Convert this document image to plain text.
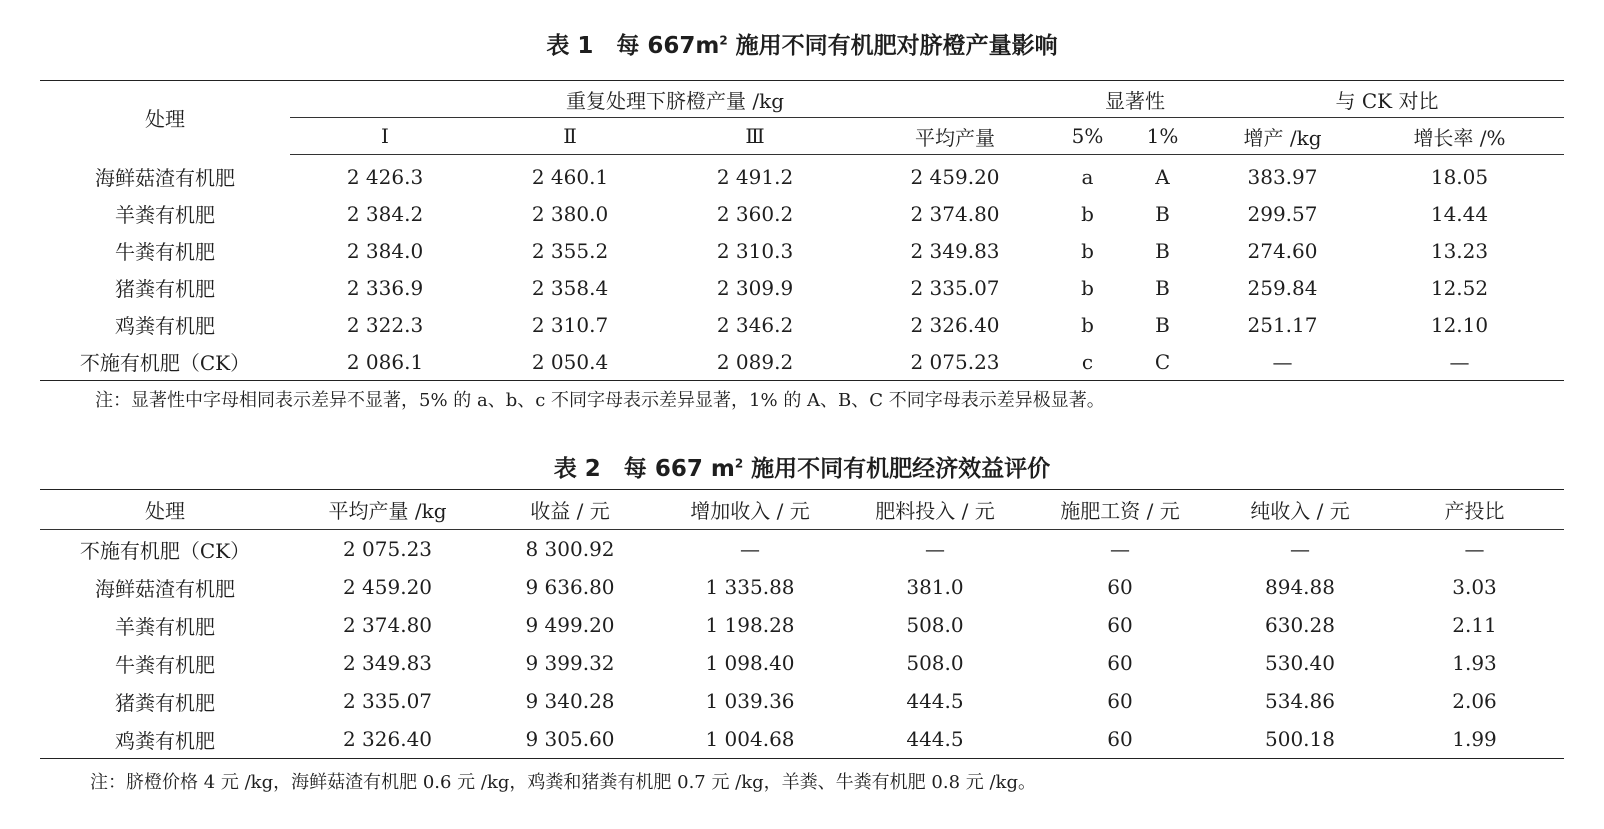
表 1　每 $667m^2$ 施用不同有机肥对脐橙产量影响
处理	重复处理下脐橙产量 /kg				显著性		与 CK 对比	
	Ⅰ	Ⅱ	Ⅲ	平均产量	5%	1%	增产 /kg	增长率 /%
海鲜菇渣有机肥	2 426.3	2 460.1	2 491.2	2 459.20	a	A	383.97	18.05
羊粪有机肥	2 384.2	2 380.0	2 360.2	2 374.80	b	B	299.57	14.44
牛粪有机肥	2 384.0	2 355.2	2 310.3	2 349.83	b	B	274.60	13.23
猪粪有机肥	2 336.9	2 358.4	2 309.9	2 335.07	b	B	259.84	12.52
鸡粪有机肥	2 322.3	2 310.7	2 346.2	2 326.40	b	B	251.17	12.10
不施有机肥（CK）	2 086.1	2 050.4	2 089.2	2 075.23	c	C	—	—
注：显著性中字母相同表示差异不显著，5% 的 a、b、c 不同字母表示差异显著，1% 的 A、B、C 不同字母表示差异极显著。
表 2　每 667 $m^2$ 施用不同有机肥经济效益评价
处理	平均产量 /kg	收益 / 元	增加收入 / 元	肥料投入 / 元	施肥工资 / 元	纯收入 / 元	产投比
不施有机肥（CK）	2 075.23	8 300.92	—	—	—	—	—
海鲜菇渣有机肥	2 459.20	9 636.80	1 335.88	381.0	60	894.88	3.03
羊粪有机肥	2 374.80	9 499.20	1 198.28	508.0	60	630.28	2.11
牛粪有机肥	2 349.83	9 399.32	1 098.40	508.0	60	530.40	1.93
猪粪有机肥	2 335.07	9 340.28	1 039.36	444.5	60	534.86	2.06
鸡粪有机肥	2 326.40	9 305.60	1 004.68	444.5	60	500.18	1.99
注：脐橙价格 4 元 /kg，海鲜菇渣有机肥 0.6 元 /kg，鸡粪和猪粪有机肥 0.7 元 /kg，羊粪、牛粪有机肥 0.8 元 /kg。
